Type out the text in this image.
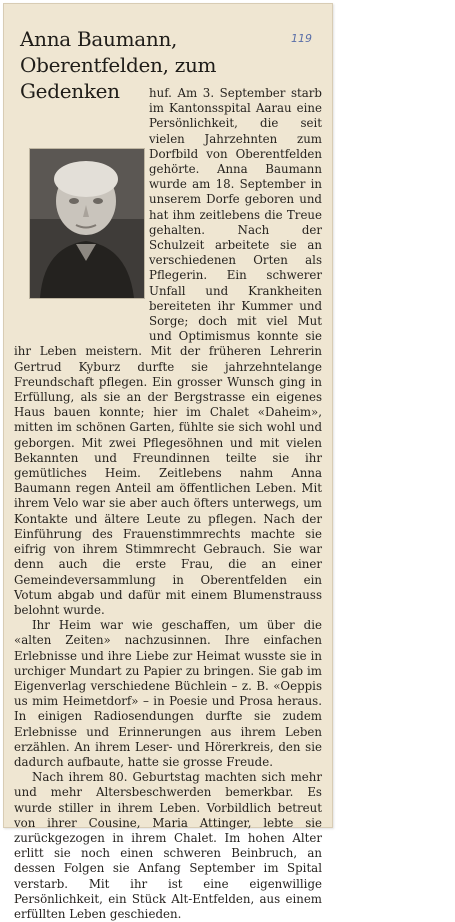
Anna Baumann, Oberentfelden, zum Gedenken
119

huf. Am 3. September starb im Kantonsspital Aarau eine Persönlichkeit, die seit vielen Jahrzehnten zum Dorfbild von Oberentfelden gehörte. Anna Baumann wurde am 18. September in unserem Dorfe geboren und hat ihm zeitlebens die Treue gehalten. Nach der Schulzeit arbeitete sie an verschiedenen Orten als Pflegerin. Ein schwerer Unfall und Krankheiten bereiteten ihr Kummer und Sorge; doch mit viel Mut und Optimismus konnte sie ihr Leben meistern. Mit der früheren Lehrerin Gertrud Kyburz durfte sie jahrzehntelange Freundschaft pflegen. Ein grosser Wunsch ging in Erfüllung, als sie an der Bergstrasse ein eigenes Haus bauen konnte; hier im Chalet «Daheim», mitten im schönen Garten, fühlte sie sich wohl und geborgen. Mit zwei Pflegesöhnen und mit vielen Bekannten und Freundinnen teilte sie ihr gemütliches Heim. Zeitlebens nahm Anna Baumann regen Anteil am öffentlichen Leben. Mit ihrem Velo war sie aber auch öfters unterwegs, um Kontakte und ältere Leute zu pflegen. Nach der Einführung des Frauenstimmrechts machte sie eifrig von ihrem Stimmrecht Gebrauch. Sie war denn auch die erste Frau, die an einer Gemeindeversammlung in Oberentfelden ein Votum abgab und dafür mit einem Blumenstrauss belohnt wurde.

Ihr Heim war wie geschaffen, um über die «alten Zeiten» nachzusinnen. Ihre einfachen Erlebnisse und ihre Liebe zur Heimat wusste sie in urchiger Mundart zu Papier zu bringen. Sie gab im Eigenverlag verschiedene Büchlein – z. B. «Oeppis us mim Heimetdorf» – in Poesie und Prosa heraus. In einigen Radiosendungen durfte sie zudem Erlebnisse und Erinnerungen aus ihrem Leben erzählen. An ihrem Leser- und Hörerkreis, den sie dadurch aufbaute, hatte sie grosse Freude.

Nach ihrem 80. Geburtstag machten sich mehr und mehr Altersbeschwerden bemerkbar. Es wurde stiller in ihrem Leben. Vorbildlich betreut von ihrer Cousine, Maria Attinger, lebte sie zurückgezogen in ihrem Chalet. Im hohen Alter erlitt sie noch einen schweren Beinbruch, an dessen Folgen sie Anfang September im Spital verstarb. Mit ihr ist eine eigenwillige Persönlichkeit, ein Stück Alt-Entfelden, aus einem erfüllten Leben geschieden.
